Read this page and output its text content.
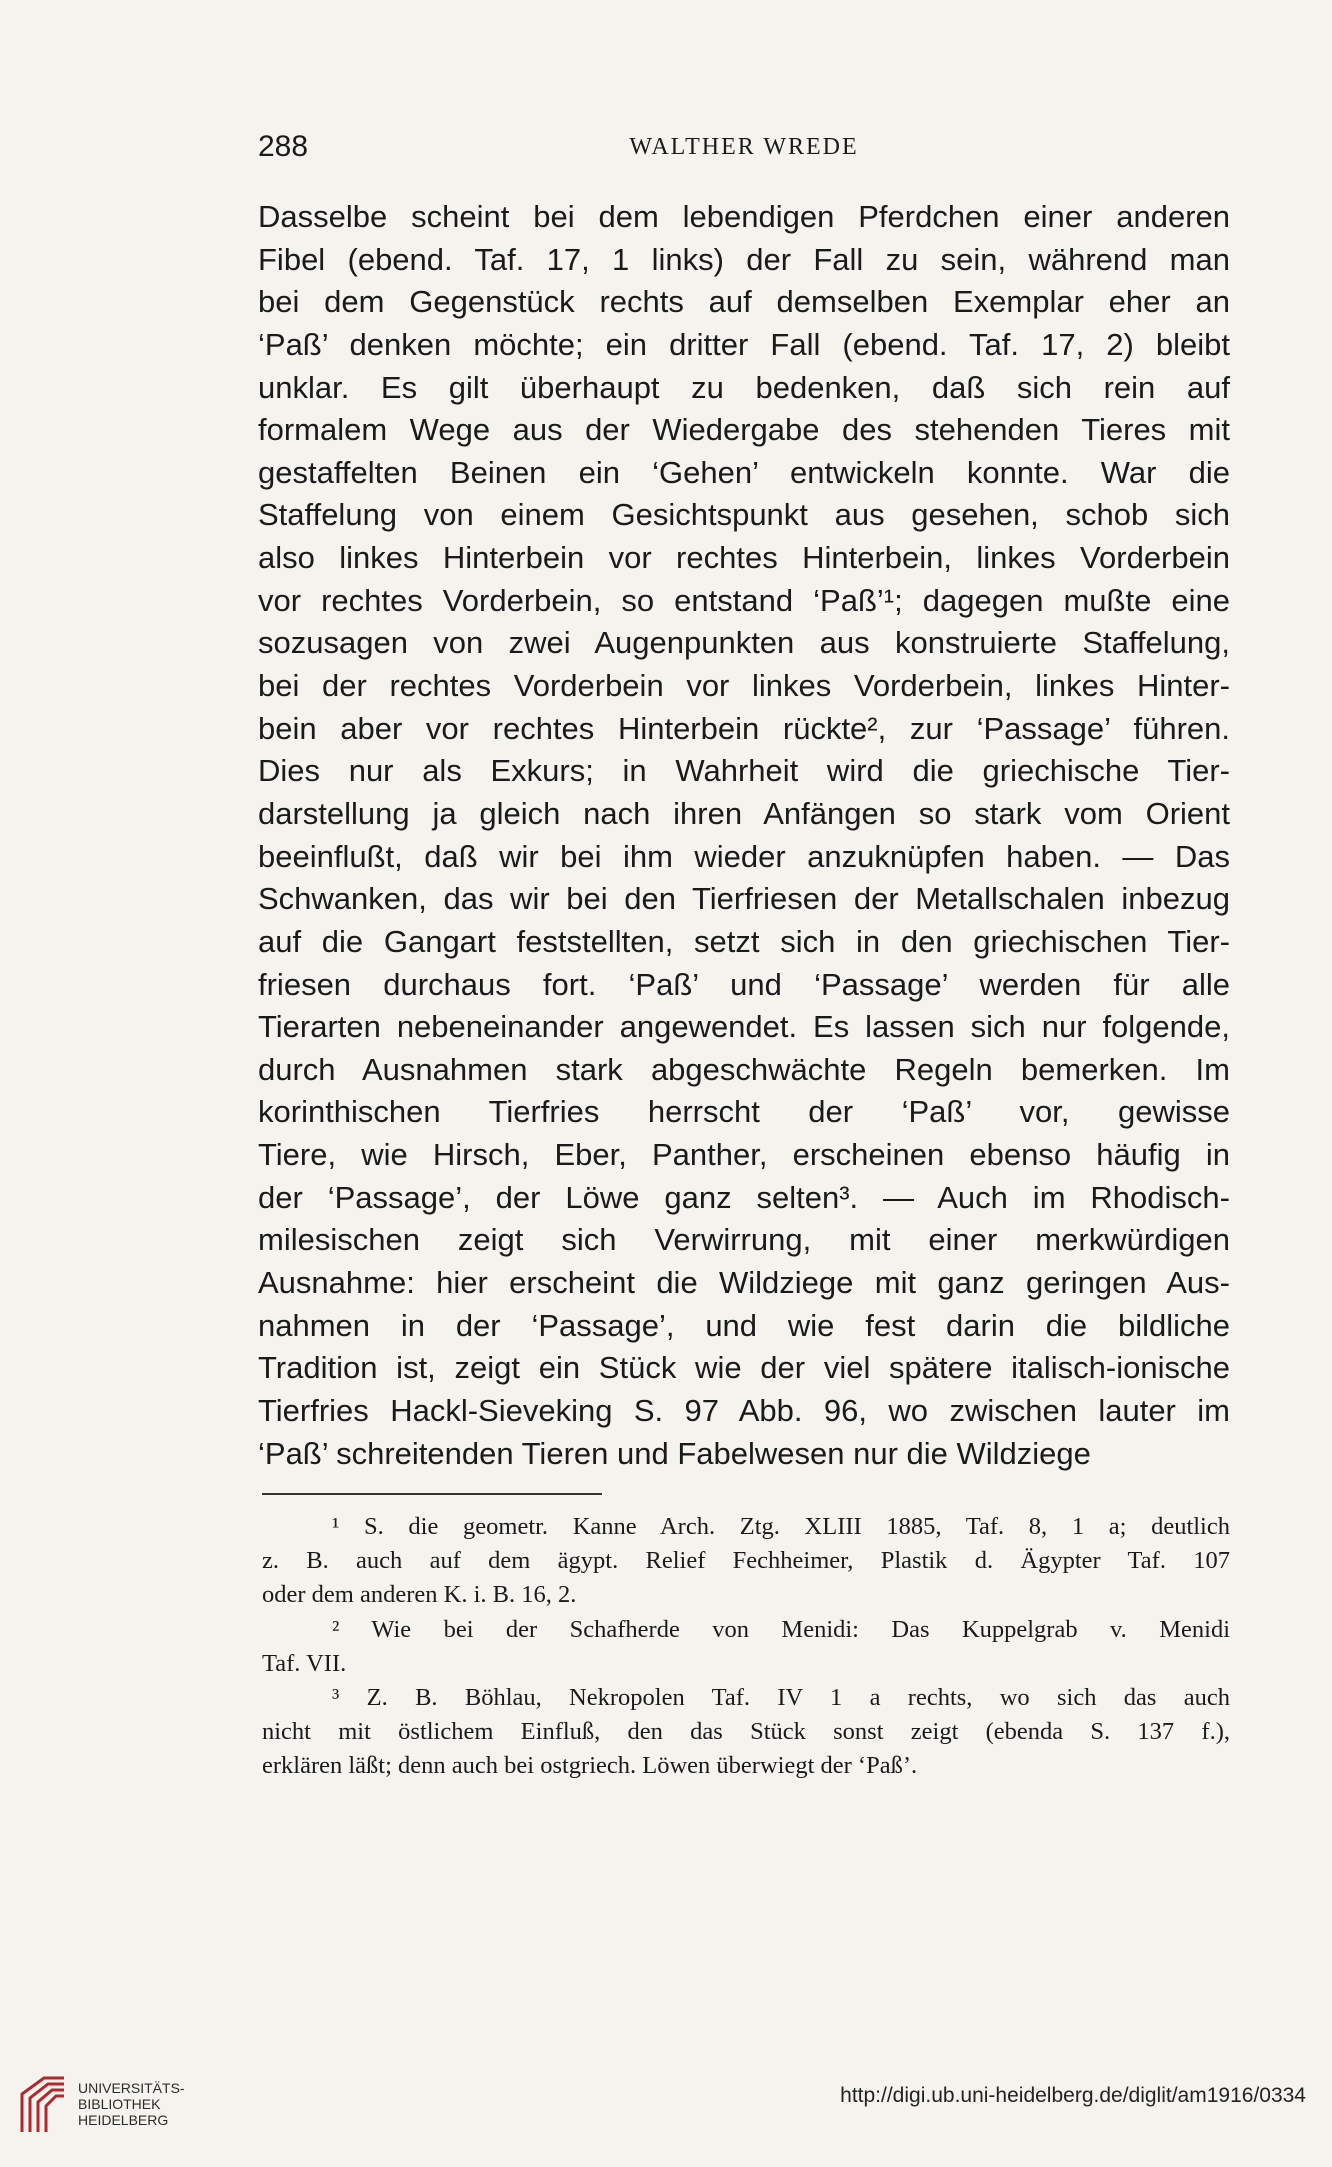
288	WALTHER WREDE
Dasselbe scheint bei dem lebendigen Pferdchen einer anderen
Fibel (ebend. Taf. 17, 1 links) der Fall zu sein, während man
bei dem Gegenstück rechts auf demselben Exemplar eher an
‘Paß’ denken möchte; ein dritter Fall (ebend. Taf. 17, 2) bleibt
unklar. Es gilt überhaupt zu bedenken, daß sich rein auf
formalem Wege aus der Wiedergabe des stehenden Tieres mit
gestaffelten Beinen ein ‘Gehen’ entwickeln konnte. War die
Staffelung von einem Gesichtspunkt aus gesehen, schob sich
also linkes Hinterbein vor rechtes Hinterbein, linkes Vorderbein
vor rechtes Vorderbein, so entstand ‘Paß’¹; dagegen mußte eine
sozusagen von zwei Augenpunkten aus konstruierte Staffelung,
bei der rechtes Vorderbein vor linkes Vorderbein, linkes Hinter-
bein aber vor rechtes Hinterbein rückte², zur ‘Passage’ führen.
Dies nur als Exkurs; in Wahrheit wird die griechische Tier-
darstellung ja gleich nach ihren Anfängen so stark vom Orient
beeinflußt, daß wir bei ihm wieder anzuknüpfen haben. — Das
Schwanken, das wir bei den Tierfriesen der Metallschalen inbezug
auf die Gangart feststellten, setzt sich in den griechischen Tier-
friesen durchaus fort. ‘Paß’ und ‘Passage’ werden für alle
Tierarten nebeneinander angewendet. Es lassen sich nur folgende,
durch Ausnahmen stark abgeschwächte Regeln bemerken. Im
korinthischen Tierfries herrscht der ‘Paß’ vor, gewisse
Tiere, wie Hirsch, Eber, Panther, erscheinen ebenso häufig in
der ‘Passage’, der Löwe ganz selten³. — Auch im Rhodisch-
milesischen zeigt sich Verwirrung, mit einer merkwürdigen
Ausnahme: hier erscheint die Wildziege mit ganz geringen Aus-
nahmen in der ‘Passage’, und wie fest darin die bildliche
Tradition ist, zeigt ein Stück wie der viel spätere italisch-ionische
Tierfries Hackl-Sieveking S. 97 Abb. 96, wo zwischen lauter im
‘Paß’ schreitenden Tieren und Fabelwesen nur die Wildziege
¹ S. die geometr. Kanne Arch. Ztg. XLIII 1885, Taf. 8, 1 a; deutlich
z. B. auch auf dem ägypt. Relief Fechheimer, Plastik d. Ägypter Taf. 107
oder dem anderen K. i. B. 16, 2.
² Wie bei der Schafherde von Menidi: Das Kuppelgrab v. Menidi
Taf. VII.
³ Z. B. Böhlau, Nekropolen Taf. IV 1 a rechts, wo sich das auch
nicht mit östlichem Einfluß, den das Stück sonst zeigt (ebenda S. 137 f.),
erklären läßt; denn auch bei ostgriech. Löwen überwiegt der ‘Paß’.
UNIVERSITÄTS-
BIBLIOTHEK
HEIDELBERG
http://digi.ub.uni-heidelberg.de/diglit/am1916/0334
